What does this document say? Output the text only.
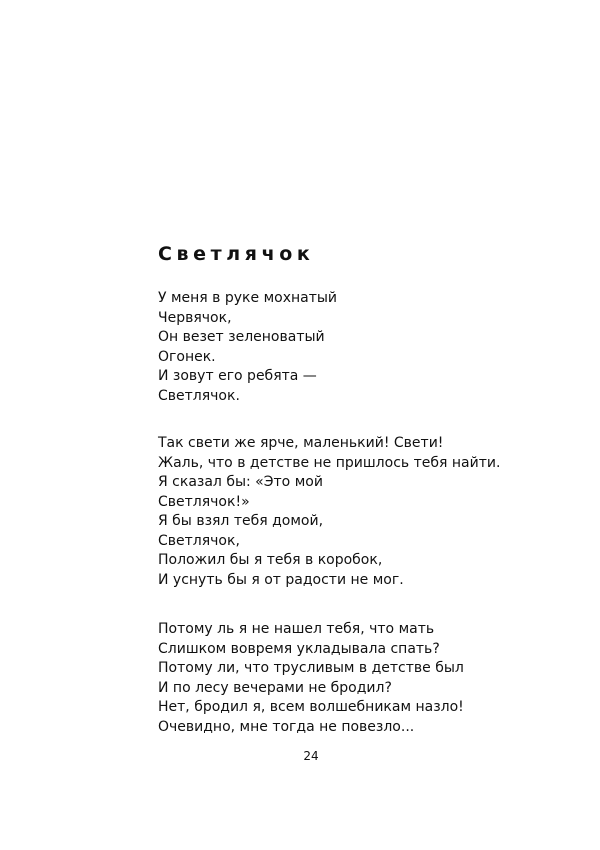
Светлячок
У меня в руке мохнатый
Червячок,
Он везет зеленоватый
Огонек.
И зовут его ребята —
Светлячок.
Так свети же ярче, маленький! Свети!
Жаль, что в детстве не пришлось тебя найти.
Я сказал бы: «Это мой
Светлячок!»
Я бы взял тебя домой,
Светлячок,
Положил бы я тебя в коробок,
И уснуть бы я от радости не мог.
Потому ль я не нашел тебя, что мать
Слишком вовремя укладывала спать?
Потому ли, что трусливым в детстве был
И по лесу вечерами не бродил?
Нет, бродил я, всем волшебникам назло!
Очевидно, мне тогда не повезло...
24
